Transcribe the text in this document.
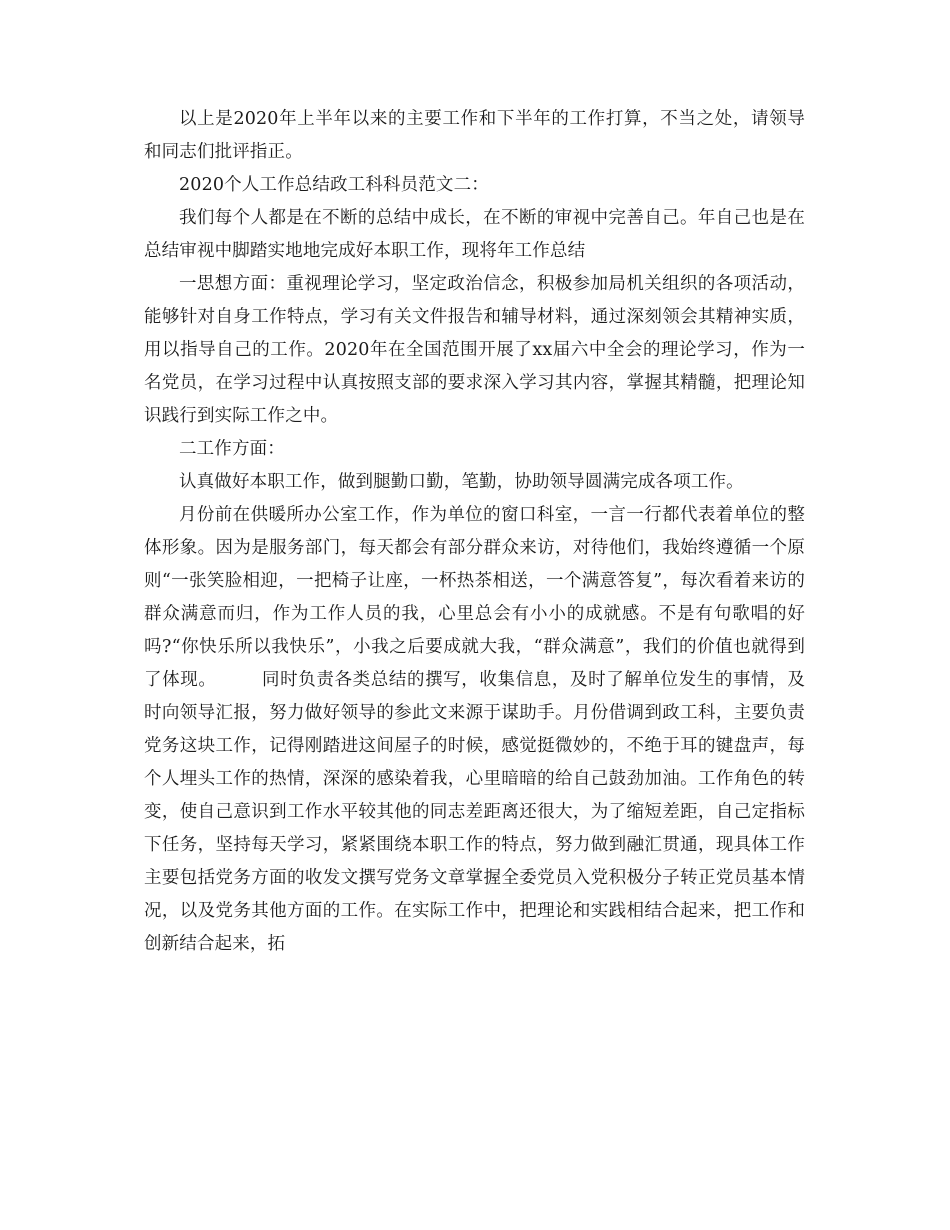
以上是2020年上半年以来的主要工作和下半年的工作打算，不当之处，请领导和同志们批评指正。

2020个人工作总结政工科科员范文二：

我们每个人都是在不断的总结中成长，在不断的审视中完善自己。年自己也是在总结审视中脚踏实地地完成好本职工作，现将年工作总结

一思想方面：重视理论学习，坚定政治信念，积极参加局机关组织的各项活动，能够针对自身工作特点，学习有关文件报告和辅导材料，通过深刻领会其精神实质，用以指导自己的工作。2020年在全国范围开展了xx届六中全会的理论学习，作为一名党员，在学习过程中认真按照支部的要求深入学习其内容，掌握其精髓，把理论知识践行到实际工作之中。

二工作方面：

认真做好本职工作，做到腿勤口勤，笔勤，协助领导圆满完成各项工作。

月份前在供暖所办公室工作，作为单位的窗口科室，一言一行都代表着单位的整体形象。因为是服务部门，每天都会有部分群众来访，对待他们，我始终遵循一个原则“一张笑脸相迎，一把椅子让座，一杯热茶相送，一个满意答复”，每次看着来访的群众满意而归，作为工作人员的我，心里总会有小小的成就感。不是有句歌唱的好吗?“你快乐所以我快乐”，小我之后要成就大我，“群众满意”，我们的价值也就得到了体现。　　　同时负责各类总结的撰写，收集信息，及时了解单位发生的事情，及时向领导汇报，努力做好领导的参此文来源于谋助手。月份借调到政工科，主要负责党务这块工作，记得刚踏进这间屋子的时候，感觉挺微妙的，不绝于耳的键盘声，每个人埋头工作的热情，深深的感染着我，心里暗暗的给自己鼓劲加油。工作角色的转变，使自己意识到工作水平较其他的同志差距离还很大，为了缩短差距，自己定指标下任务，坚持每天学习，紧紧围绕本职工作的特点，努力做到融汇贯通，现具体工作主要包括党务方面的收发文撰写党务文章掌握全委党员入党积极分子转正党员基本情况，以及党务其他方面的工作。在实际工作中，把理论和实践相结合起来，把工作和创新结合起来，拓
